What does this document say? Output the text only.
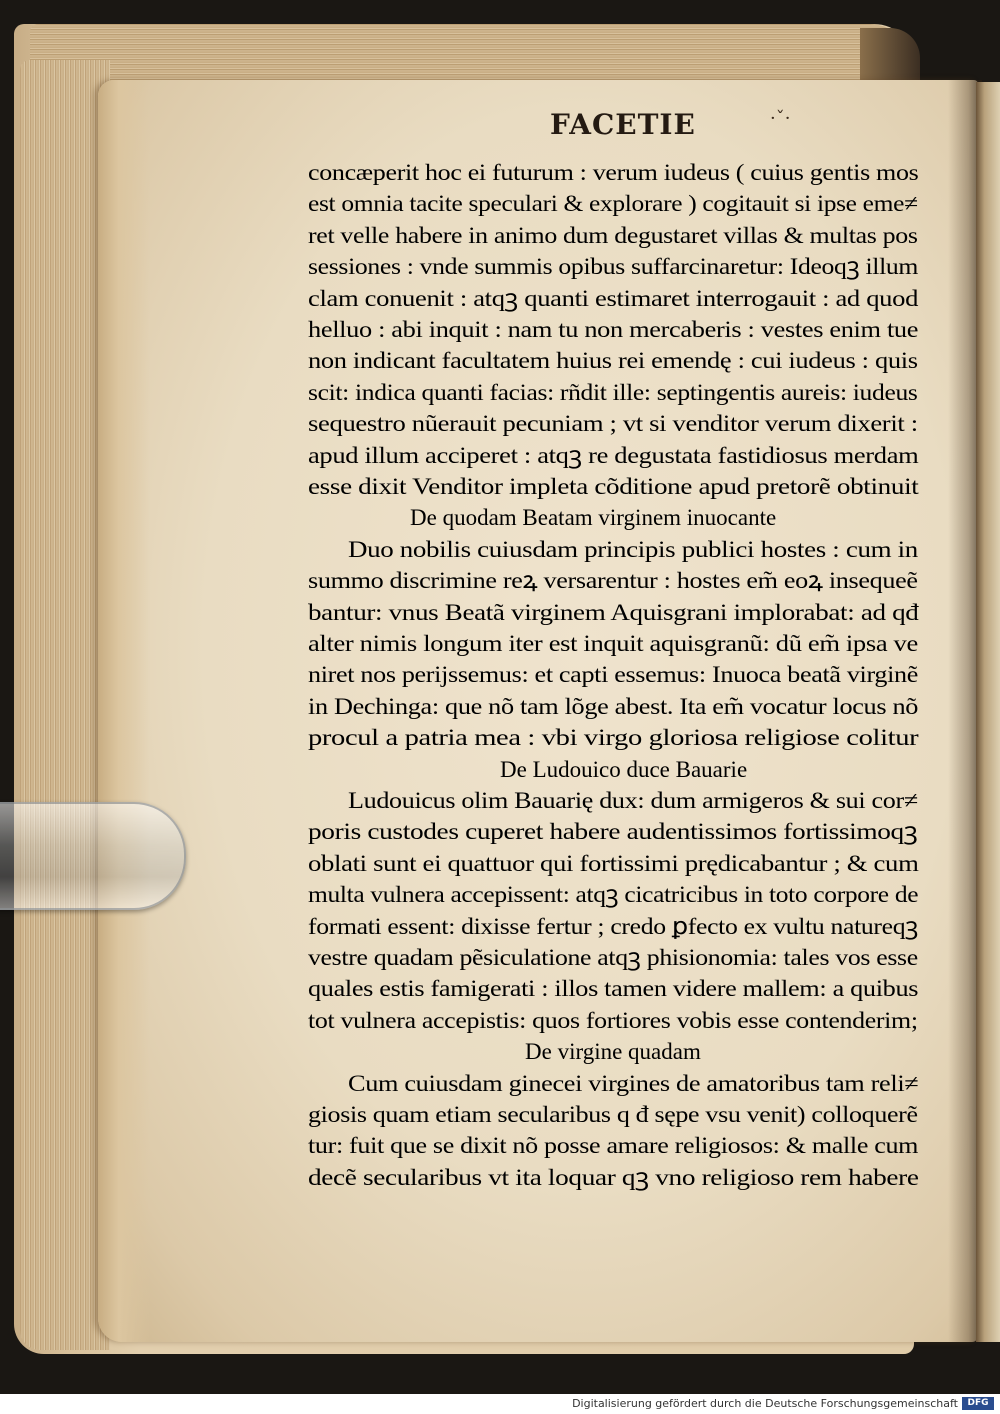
FACETIE	·ˇ·
concæperit hoc ei futurum : verum iudeus ( cuius gentis mos
est omnia tacite speculari & explorare ) cogitauit si ipse eme≠
ret velle habere in animo dum degustaret villas & multas pos
sessiones : vnde summis opibus suffarcinaretur: Ideoqꝫ illum
clam conuenit : atqꝫ quanti estimaret interrogauit : ad quod
helluo : abi inquit : nam tu non mercaberis : vestes enim tue
non indicant facultatem huius rei emendę : cui iudeus : quis
scit: indica quanti facias: rñdit ille: septingentis aureis: iudeus
sequestro nũerauit pecuniam ; vt si venditor verum dixerit :
apud illum acciperet : atqꝫ re degustata fastidiosus merdam
esse dixit Venditor impleta cõditione apud pretorẽ obtinuit
De quodam Beatam virginem inuocante
Duo nobilis cuiusdam principis publici hostes : cum in
summo discrimine reꝝ versarentur : hostes em̃ eoꝝ insequeẽ
bantur: vnus Beatã virginem Aquisgrani implorabat: ad qđ
alter nimis longum iter est inquit aquisgranũ: dũ em̃ ipsa ve
niret nos perijssemus: et capti essemus: Inuoca beatã virginẽ
in Dechinga: que nõ tam lõge abest. Ita em̃ vocatur locus nõ
procul a patria mea : vbi virgo gloriosa religiose colitur
De Ludouico duce Bauarie
Ludouicus olim Bauarię dux: dum armigeros & sui cor≠
poris custodes cuperet habere audentissimos fortissimoqꝫ
oblati sunt ei quattuor qui fortissimi prędicabantur ; & cum
multa vulnera accepissent: atqꝫ cicatricibus in toto corpore de
formati essent: dixisse fertur ; credo ꝑfecto ex vultu natureqꝫ
vestre quadam pẽsiculatione atqꝫ phisionomia: tales vos esse
quales estis famigerati : illos tamen videre mallem: a quibus
tot vulnera accepistis: quos fortiores vobis esse contenderim;
De virgine quadam
Cum cuiusdam ginecei virgines de amatoribus tam reli≠
giosis quam etiam secularibus q đ sępe vsu venit) colloquerẽ
tur: fuit que se dixit nõ posse amare religiosos: & malle cum
decẽ secularibus vt ita loquar qꝫ vno religioso rem habere
Digitalisierung gefördert durch die Deutsche Forschungsgemeinschaft	DFG
